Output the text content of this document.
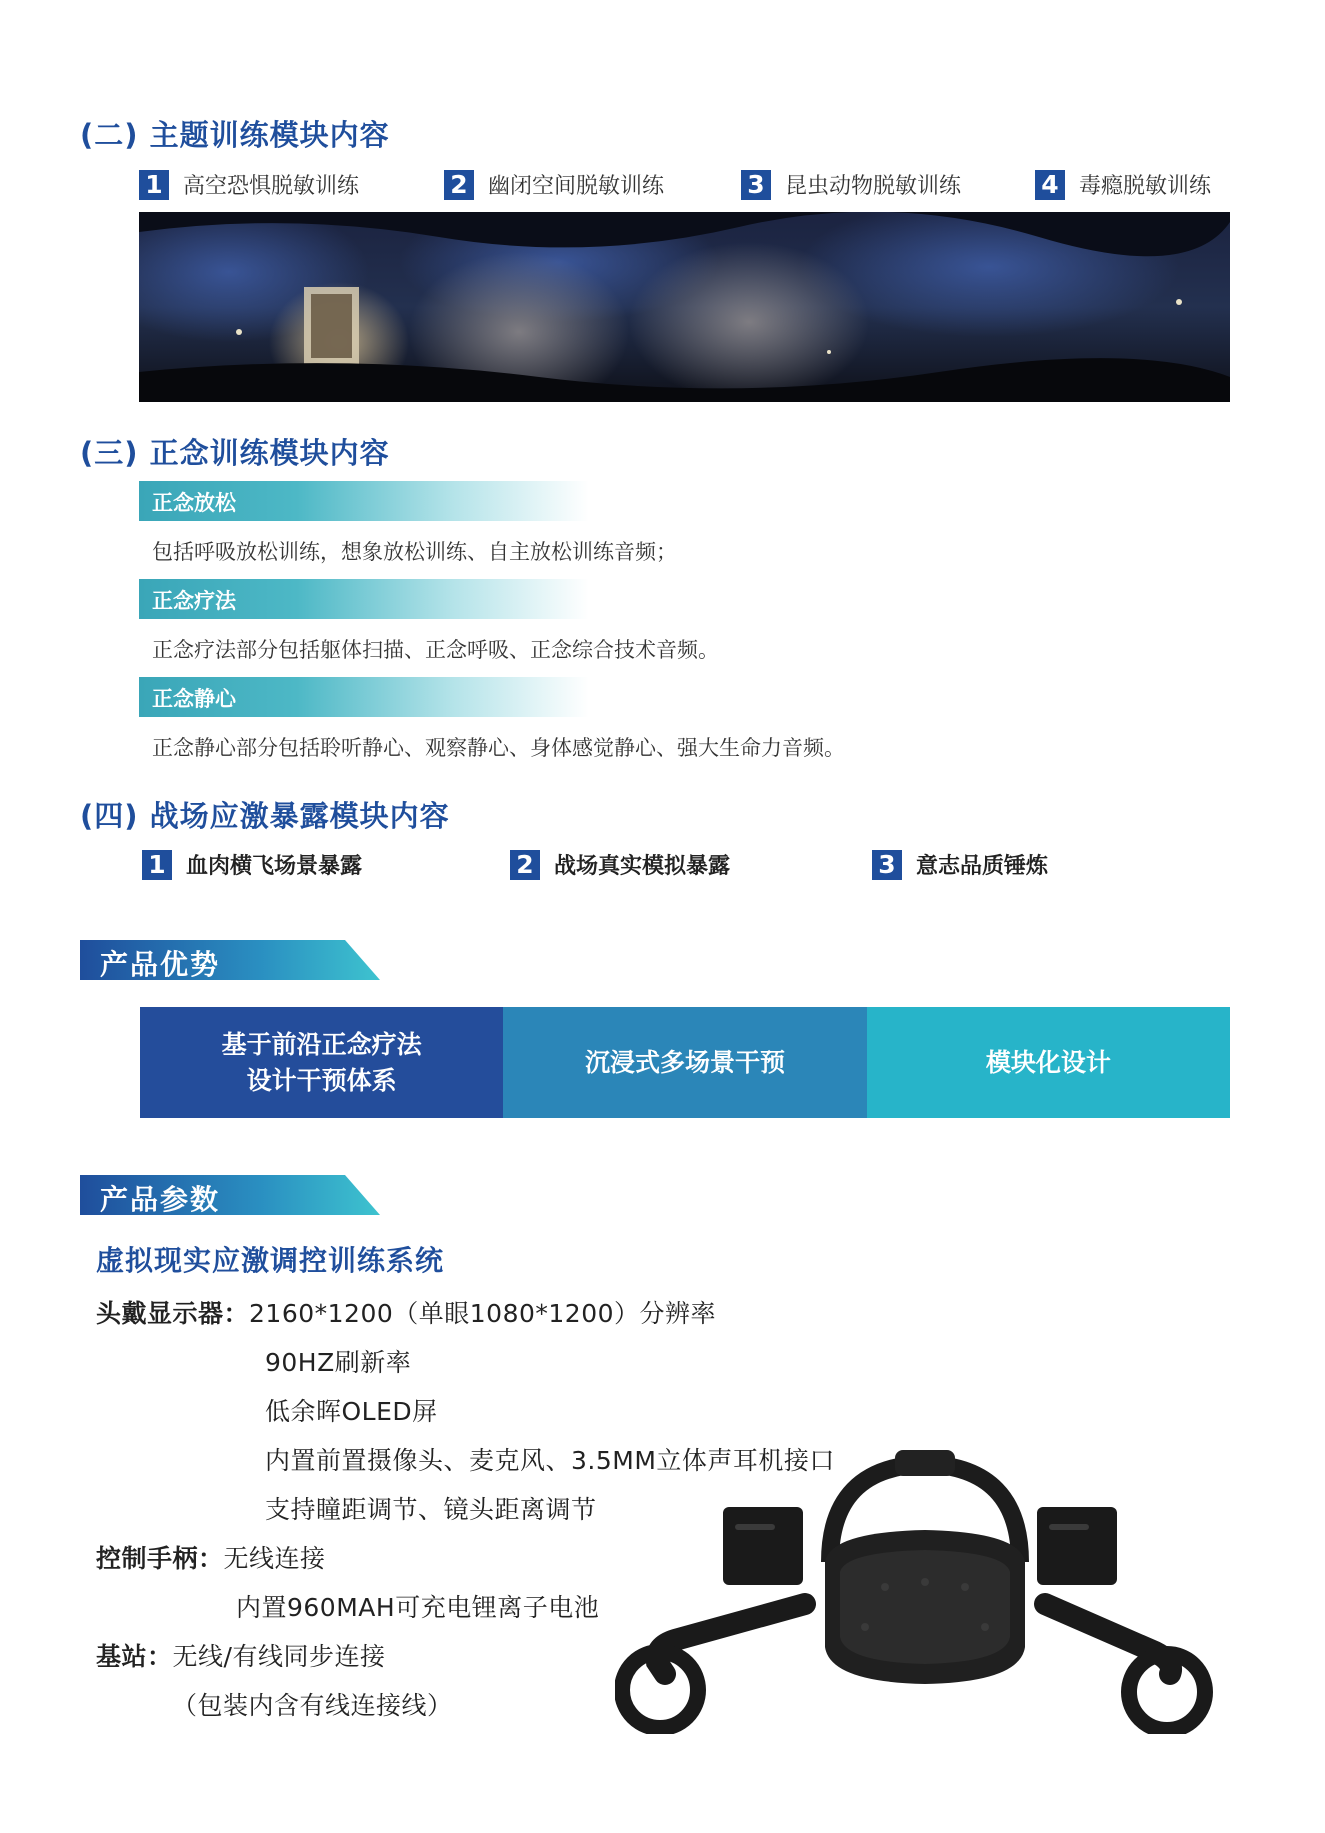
(二) 主题训练模块内容
1 高空恐惧脱敏训练	2 幽闭空间脱敏训练	3 昆虫动物脱敏训练	4 毒瘾脱敏训练
(三) 正念训练模块内容
正念放松
包括呼吸放松训练，想象放松训练、自主放松训练音频；
正念疗法
正念疗法部分包括躯体扫描、正念呼吸、正念综合技术音频。
正念静心
正念静心部分包括聆听静心、观察静心、身体感觉静心、强大生命力音频。
(四) 战场应激暴露模块内容
1 血肉横飞场景暴露	2 战场真实模拟暴露	3 意志品质锤炼
产品优势
基于前沿正念疗法
设计干预体系
沉浸式多场景干预	模块化设计
产品参数
虚拟现实应激调控训练系统
头戴显示器：2160*1200（单眼1080*1200）分辨率
90HZ刷新率
低余晖OLED屏
内置前置摄像头、麦克风、3.5MM立体声耳机接口
支持瞳距调节、镜头距离调节
控制手柄：无线连接
内置960MAH可充电锂离子电池
基站：无线/有线同步连接
（包装内含有线连接线）
